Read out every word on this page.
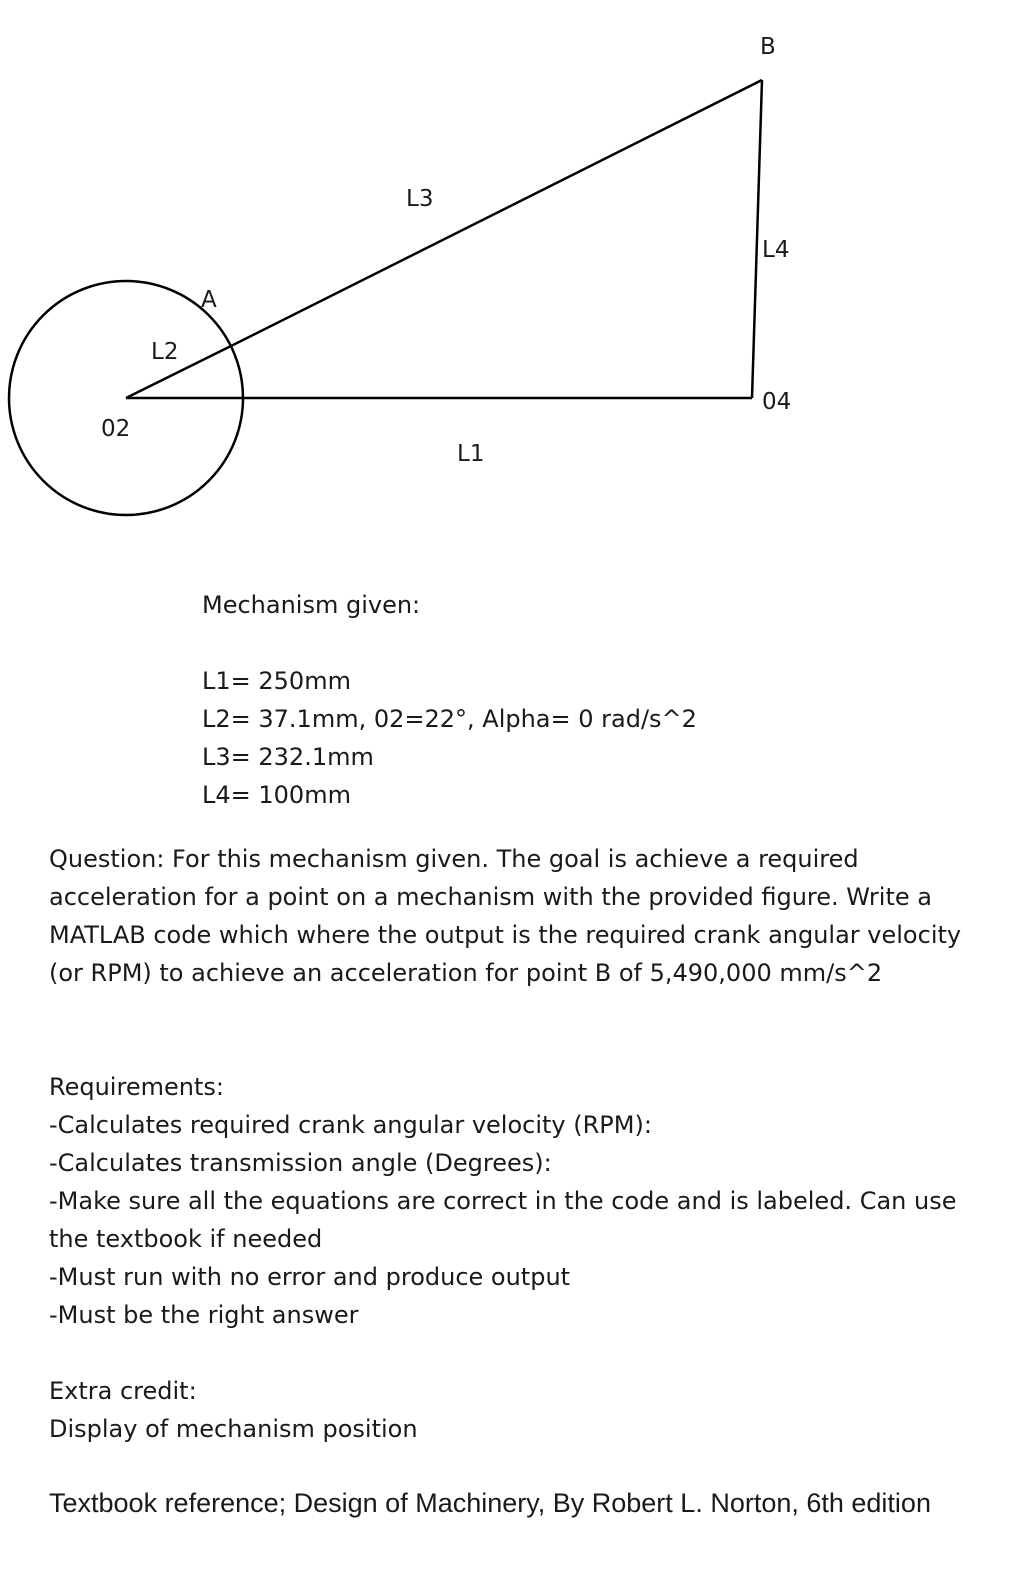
B
L3
L4
A
L2
04
02
L1

Mechanism given:

L1= 250mm

L2= 37.1mm, 02=22°, Alpha= 0 rad/s^2

L3= 232.1mm

L4= 100mm

Question: For this mechanism given. The goal is achieve a required acceleration for a point on a mechanism with the provided figure. Write a MATLAB code which where the output is the required crank angular velocity (or RPM) to achieve an acceleration for point B of 5,490,000 mm/s^2

Requirements:

-Calculates required crank angular velocity (RPM):

-Calculates transmission angle (Degrees):

-Make sure all the equations are correct in the code and is labeled. Can use the textbook if needed

-Must run with no error and produce output

-Must be the right answer

Extra credit:

Display of mechanism position

Textbook reference; Design of Machinery, By Robert L. Norton, 6th edition
